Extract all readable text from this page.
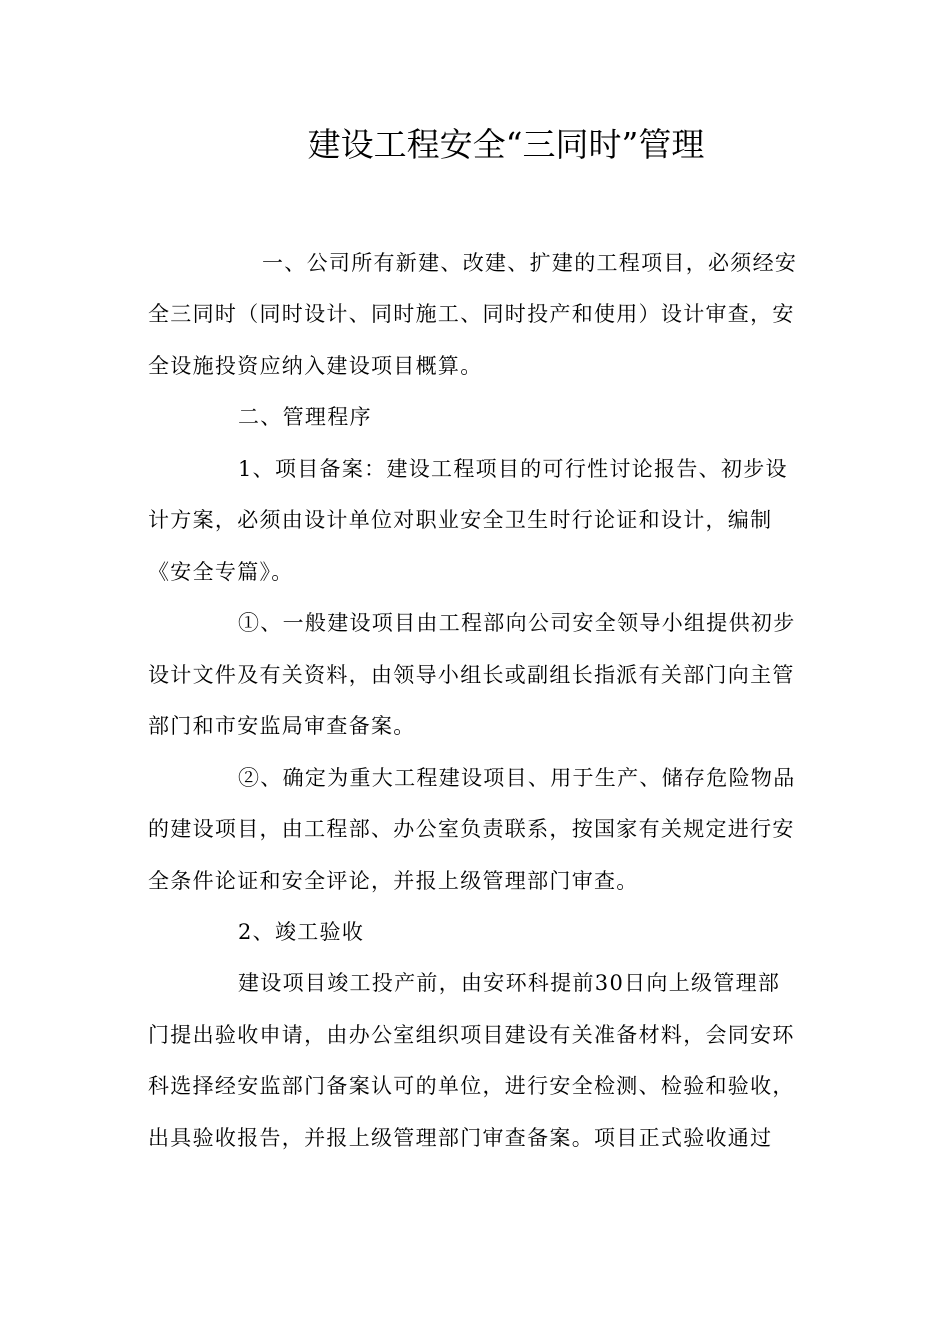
建设工程安全“三同时”管理
一、公司所有新建、改建、扩建的工程项目，必须经安
全三同时（同时设计、同时施工、同时投产和使用）设计审查，安
全设施投资应纳入建设项目概算。
二、管理程序
1、项目备案：建设工程项目的可行性讨论报告、初步设
计方案，必须由设计单位对职业安全卫生时行论证和设计，编制
《安全专篇》。
①、一般建设项目由工程部向公司安全领导小组提供初步
设计文件及有关资料，由领导小组长或副组长指派有关部门向主管
部门和市安监局审查备案。
②、确定为重大工程建设项目、用于生产、储存危险物品
的建设项目，由工程部、办公室负责联系，按国家有关规定进行安
全条件论证和安全评论，并报上级管理部门审查。
2、竣工验收
建设项目竣工投产前，由安环科提前30日向上级管理部
门提出验收申请，由办公室组织项目建设有关准备材料，会同安环
科选择经安监部门备案认可的单位，进行安全检测、检验和验收，
出具验收报告，并报上级管理部门审查备案。项目正式验收通过
